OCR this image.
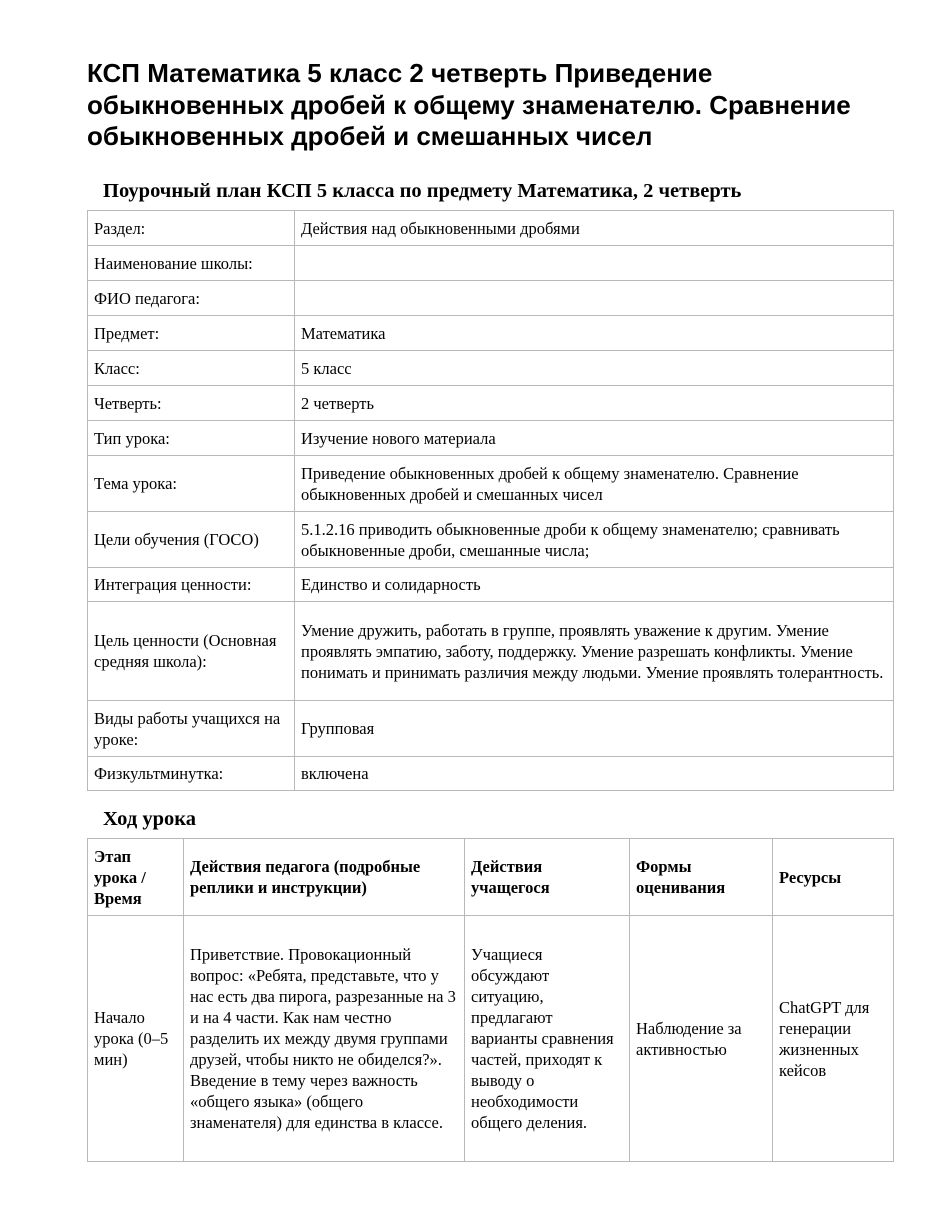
КСП Математика 5 класс 2 четверть Приведение обыкновенных дробей к общему знаменателю. Сравнение обыкновенных дробей и смешанных чисел
Поурочный план КСП 5 класса по предмету Математика, 2 четверть
Раздел:	Действия над обыкновенными дробями
Наименование школы:	
ФИО педагога:	
Предмет:	Математика
Класс:	5 класс
Четверть:	2 четверть
Тип урока:	Изучение нового материала
Тема урока:	Приведение обыкновенных дробей к общему знаменателю. Сравнение обыкновенных дробей и смешанных чисел
Цели обучения (ГОСО)	5.1.2.16 приводить обыкновенные дроби к общему знаменателю; сравнивать обыкновенные дроби, смешанные числа;
Интеграция ценности:	Единство и солидарность
Цель ценности (Основная средняя школа):	Умение дружить, работать в группе, проявлять уважение к другим. Умение проявлять эмпатию, заботу, поддержку. Умение разрешать конфликты. Умение понимать и принимать различия между людьми. Умение проявлять толерантность.
Виды работы учащихся на уроке:	Групповая
Физкультминутка:	включена
Ход урока
Этап урока / Время	Действия педагога (подробные реплики и инструкции)	Действия учащегося	Формы оценивания	Ресурсы
Начало урока (0–5 мин)	Приветствие. Провокационный вопрос: «Ребята, представьте, что у нас есть два пирога, разрезанные на 3 и на 4 части. Как нам честно разделить их между двумя группами друзей, чтобы никто не обиделся?». Введение в тему через важность «общего языка» (общего знаменателя) для единства в классе.	Учащиеся обсуждают ситуацию, предлагают варианты сравнения частей, приходят к выводу о необходимости общего деления.	Наблюдение за активностью	ChatGPT для генерации жизненных кейсов
